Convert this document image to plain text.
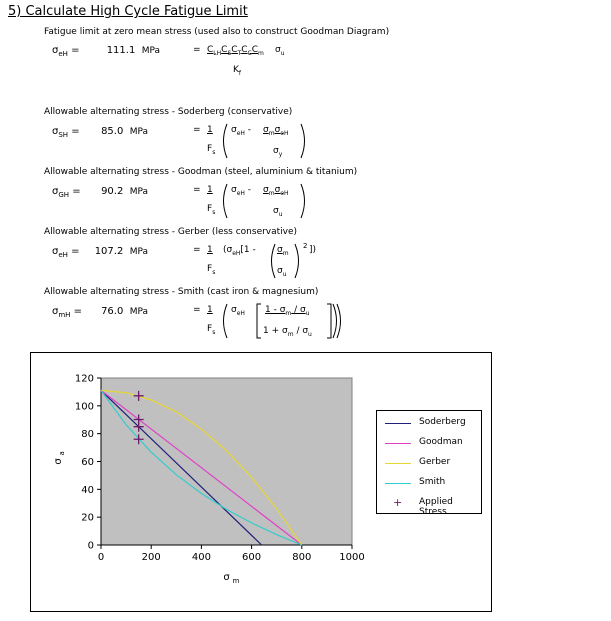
5) Calculate High Cycle Fatigue Limit
Fatigue limit at zero mean stress (used also to construct Goodman Diagram)
$\sigma_{eH}$ =	111.1 MPa	= $C_{LH}C_SC_TC_CC_m$ $\sigma_u$
$K_f$
Allowable alternating stress - Soderberg (conservative)
$\sigma_{SH}$ =	85.0 MPa	= 1
$F_s$
$\sigma_{eH} - \sigma_m\sigma_{eH}$
$\sigma_y$
Allowable alternating stress - Goodman (steel, aluminium & titanium)
$\sigma_{GH}$ =	90.2 MPa	= 1
$F_s$
$\sigma_{eH} - \sigma_m\sigma_{eH}$
$\sigma_u$
Allowable alternating stress - Gerber (less conservative)
$\sigma_{eH}$ =	107.2 MPa	= 1
$F_s$
($\sigma_{eH}[1 - \sigma_m$
$\sigma_u$
2 ])
Allowable alternating stress - Smith (cast iron & magnesium)
$\sigma_{mH}$ =	76.0 MPa	= 1
$F_s$
$\sigma_{eH}$ $1 - \sigma_m / \sigma_u$
$1 + \sigma_m / \sigma_u$
0
20
40
60
80
100
120
0	200	400	600	800	1000
σ m
σ
a
Soderberg
Goodman
Gerber
Smith
+ Applied Stress
